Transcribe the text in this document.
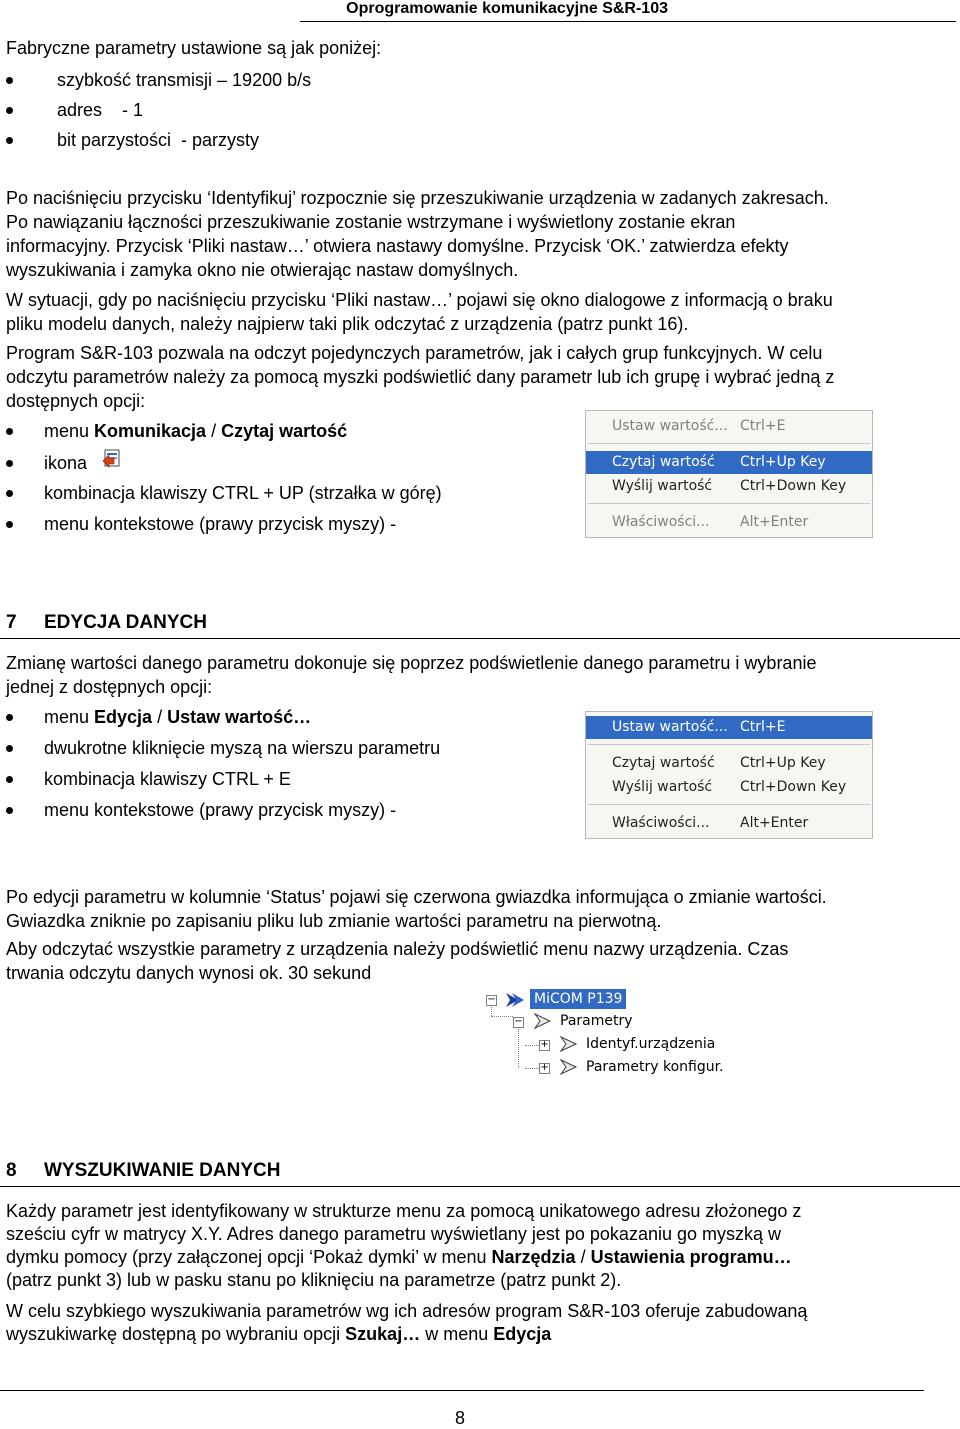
Oprogramowanie komunikacyjne S&R-103
Fabryczne parametry ustawione są jak poniżej:
szybkość transmisji – 19200 b/s
adres    - 1
bit parzystości  - parzysty
Po naciśnięciu przycisku ‘Identyfikuj’ rozpocznie się przeszukiwanie urządzenia w zadanych zakresach.
Po nawiązaniu łączności przeszukiwanie zostanie wstrzymane i wyświetlony zostanie ekran
informacyjny. Przycisk ‘Pliki nastaw…’ otwiera nastawy domyślne. Przycisk ‘OK.’ zatwierdza efekty
wyszukiwania i zamyka okno nie otwierając nastaw domyślnych.
W sytuacji, gdy po naciśnięciu przycisku ‘Pliki nastaw…’ pojawi się okno dialogowe z informacją o braku
pliku modelu danych, należy najpierw taki plik odczytać z urządzenia (patrz punkt 16).
Program S&R-103 pozwala na odczyt pojedynczych parametrów, jak i całych grup funkcyjnych. W celu
odczytu parametrów należy za pomocą myszki podświetlić dany parametr lub ich grupę i wybrać jedną z
dostępnych opcji:
menu Komunikacja / Czytaj wartość
ikona
kombinacja klawiszy CTRL + UP (strzałka w górę)
menu kontekstowe (prawy przycisk myszy) -
Ustaw wartość... Ctrl+E
Czytaj wartość Ctrl+Up Key
Wyślij wartość Ctrl+Down Key
Właściwości... Alt+Enter
7 EDYCJA DANYCH
Zmianę wartości danego parametru dokonuje się poprzez podświetlenie danego parametru i wybranie
jednej z dostępnych opcji:
menu Edycja / Ustaw wartość…
dwukrotne kliknięcie myszą na wierszu parametru
kombinacja klawiszy CTRL + E
menu kontekstowe (prawy przycisk myszy) -
Ustaw wartość... Ctrl+E
Czytaj wartość Ctrl+Up Key
Wyślij wartość Ctrl+Down Key
Właściwości... Alt+Enter
Po edycji parametru w kolumnie ‘Status’ pojawi się czerwona gwiazdka informująca o zmianie wartości.
Gwiazdka zniknie po zapisaniu pliku lub zmianie wartości parametru na pierwotną.
Aby odczytać wszystkie parametry z urządzenia należy podświetlić menu nazwy urządzenia. Czas
trwania odczytu danych wynosi ok. 30 sekund
−	MiCOM P139
−	Parametry
+	Identyf.urządzenia
+	Parametry konfigur.
8 WYSZUKIWANIE DANYCH
Każdy parametr jest identyfikowany w strukturze menu za pomocą unikatowego adresu złożonego z
sześciu cyfr w matrycy X.Y. Adres danego parametru wyświetlany jest po pokazaniu go myszką w
dymku pomocy (przy załączonej opcji ‘Pokaż dymki’ w menu Narzędzia / Ustawienia programu…
(patrz punkt 3) lub w pasku stanu po kliknięciu na parametrze (patrz punkt 2).
W celu szybkiego wyszukiwania parametrów wg ich adresów program S&R-103 oferuje zabudowaną
wyszukiwarkę dostępną po wybraniu opcji Szukaj… w menu Edycja
8
